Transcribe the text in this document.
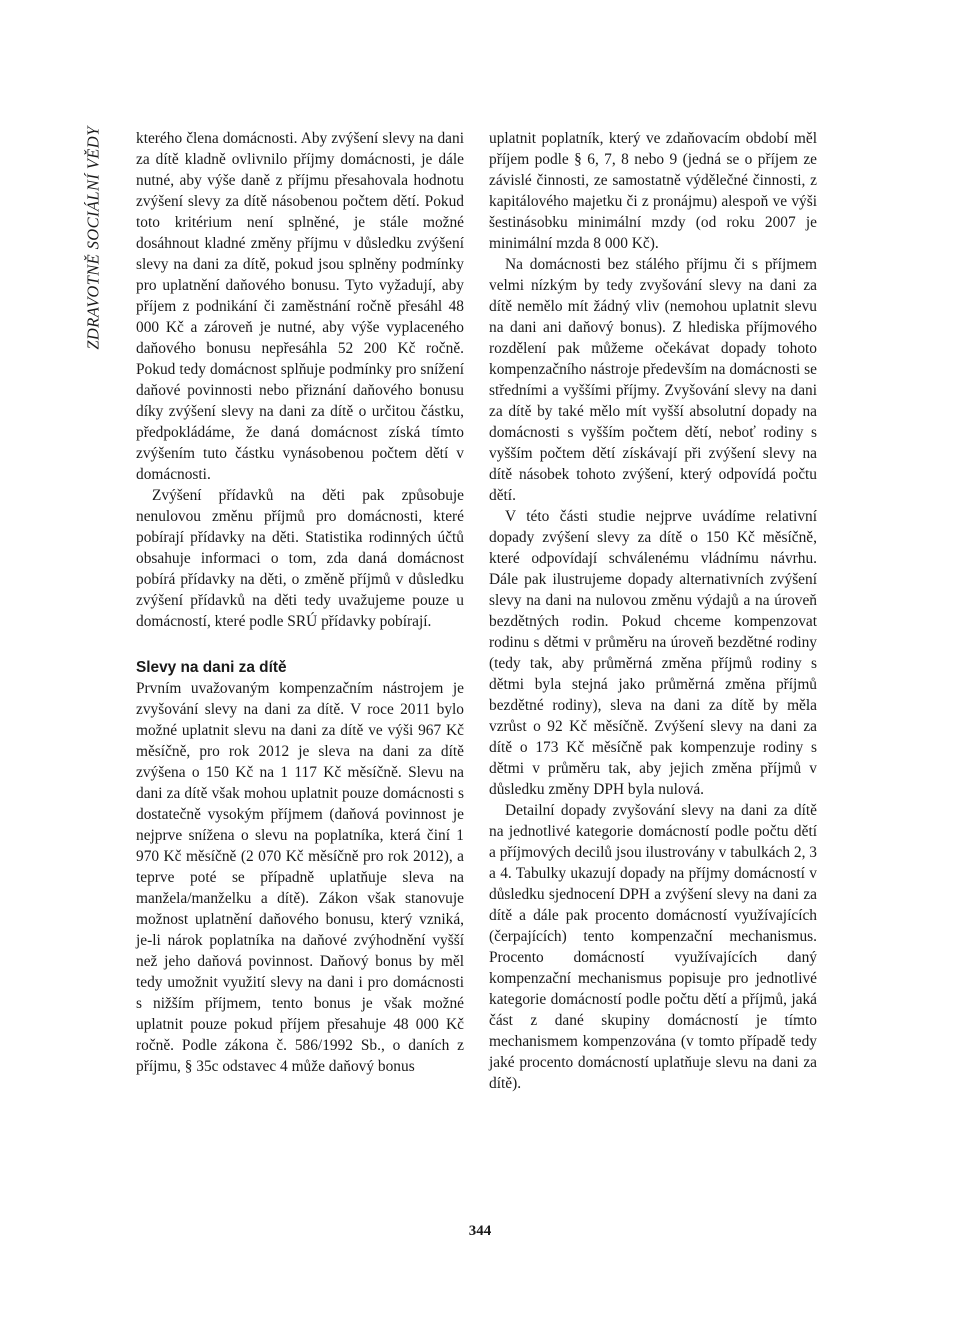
ZDRAVOTNĚ SOCIÁLNÍ VĚDY kterého člena domácnosti. Aby zvýšení slevy na dani za dítě kladně ovlivnilo příjmy domácnosti, je dále nutné, aby výše daně z příjmu přesahovala hodnotu zvýšení slevy za dítě násobenou počtem dětí. Pokud toto kritérium není splněné, je stále možné dosáhnout kladné změny příjmu v důsledku zvýšení slevy na dani za dítě, pokud jsou splněny podmínky pro uplatnění daňového bonusu. Tyto vyžadují, aby příjem z podnikání či zaměstnání ročně přesáhl 48 000 Kč a zároveň je nutné, aby výše vyplaceného daňového bonusu nepřesáhla 52 200 Kč ročně. Pokud tedy domácnost splňuje podmínky pro snížení daňové povinnosti nebo přiznání daňového bonusu díky zvýšení slevy na dani za dítě o určitou částku, předpokládáme, že daná domácnost získá tímto zvýšením tuto částku vynásobenou počtem dětí v domácnosti.

Zvýšení přídavků na děti pak způsobuje nenulovou změnu příjmů pro domácnosti, které pobírají přídavky na děti. Statistika rodinných účtů obsahuje informaci o tom, zda daná domácnost pobírá přídavky na děti, o změně příjmů v důsledku zvýšení přídavků na děti tedy uvažujeme pouze u domácností, které podle SRÚ přídavky pobírají.

Slevy na dani za dítě

Prvním uvažovaným kompenzačním nástrojem je zvyšování slevy na dani za dítě. V roce 2011 bylo možné uplatnit slevu na dani za dítě ve výši 967 Kč měsíčně, pro rok 2012 je sleva na dani za dítě zvýšena o 150 Kč na 1 117 Kč měsíčně. Slevu na dani za dítě však mohou uplatnit pouze domácnosti s dostatečně vysokým příjmem (daňová povinnost je nejprve snížena o slevu na poplatníka, která činí 1 970 Kč měsíčně (2 070 Kč měsíčně pro rok 2012), a teprve poté se případně uplatňuje sleva na manžela/manželku a dítě). Zákon však stanovuje možnost uplatnění daňového bonusu, který vzniká, je-li nárok poplatníka na daňové zvýhodnění vyšší než jeho daňová povinnost. Daňový bonus by měl tedy umožnit využití slevy na dani i pro domácnosti s nižším příjmem, tento bonus je však možné uplatnit pouze pokud příjem přesahuje 48 000 Kč ročně. Podle zákona č. 586/1992 Sb., o daních z příjmu, § 35c odstavec 4 může daňový bonus

uplatnit poplatník, který ve zdaňovacím období měl příjem podle § 6, 7, 8 nebo 9 (jedná se o příjem ze závislé činnosti, ze samostatně výdělečné činnosti, z kapitálového majetku či z pronájmu) alespoň ve výši šestinásobku minimální mzdy (od roku 2007 je minimální mzda 8 000 Kč).

Na domácnosti bez stálého příjmu či s příjmem velmi nízkým by tedy zvyšování slevy na dani za dítě nemělo mít žádný vliv (nemohou uplatnit slevu na dani ani daňový bonus). Z hlediska příjmového rozdělení pak můžeme očekávat dopady tohoto kompenzačního nástroje především na domácnosti se středními a vyššími příjmy. Zvyšování slevy na dani za dítě by také mělo mít vyšší absolutní dopady na domácnosti s vyšším počtem dětí, neboť rodiny s vyšším počtem dětí získávají při zvýšení slevy na dítě násobek tohoto zvýšení, který odpovídá počtu dětí.

V této části studie nejprve uvádíme relativní dopady zvýšení slevy za dítě o 150 Kč měsíčně, které odpovídají schválenému vládnímu návrhu. Dále pak ilustrujeme dopady alternativních zvýšení slevy na dani na nulovou změnu výdajů a na úroveň bezdětných rodin. Pokud chceme kompenzovat rodinu s dětmi v průměru na úroveň bezdětné rodiny (tedy tak, aby průměrná změna příjmů rodiny s dětmi byla stejná jako průměrná změna příjmů bezdětné rodiny), sleva na dani za dítě by měla vzrůst o 92 Kč měsíčně. Zvýšení slevy na dani za dítě o 173 Kč měsíčně pak kompenzuje rodiny s dětmi v průměru tak, aby jejich změna příjmů v důsledku změny DPH byla nulová.

Detailní dopady zvyšování slevy na dani za dítě na jednotlivé kategorie domácností podle počtu dětí a příjmových decilů jsou ilustrovány v tabulkách 2, 3 a 4. Tabulky ukazují dopady na příjmy domácností v důsledku sjednocení DPH a zvýšení slevy na dani za dítě a dále pak procento domácností využívajících (čerpajících) tento kompenzační mechanismus. Procento domácností využívajících daný kompenzační mechanismus popisuje pro jednotlivé kategorie domácností podle počtu dětí a příjmů, jaká část z dané skupiny domácností je tímto mechanismem kompenzována (v tomto případě tedy jaké procento domácností uplatňuje slevu na dani za dítě).

344
